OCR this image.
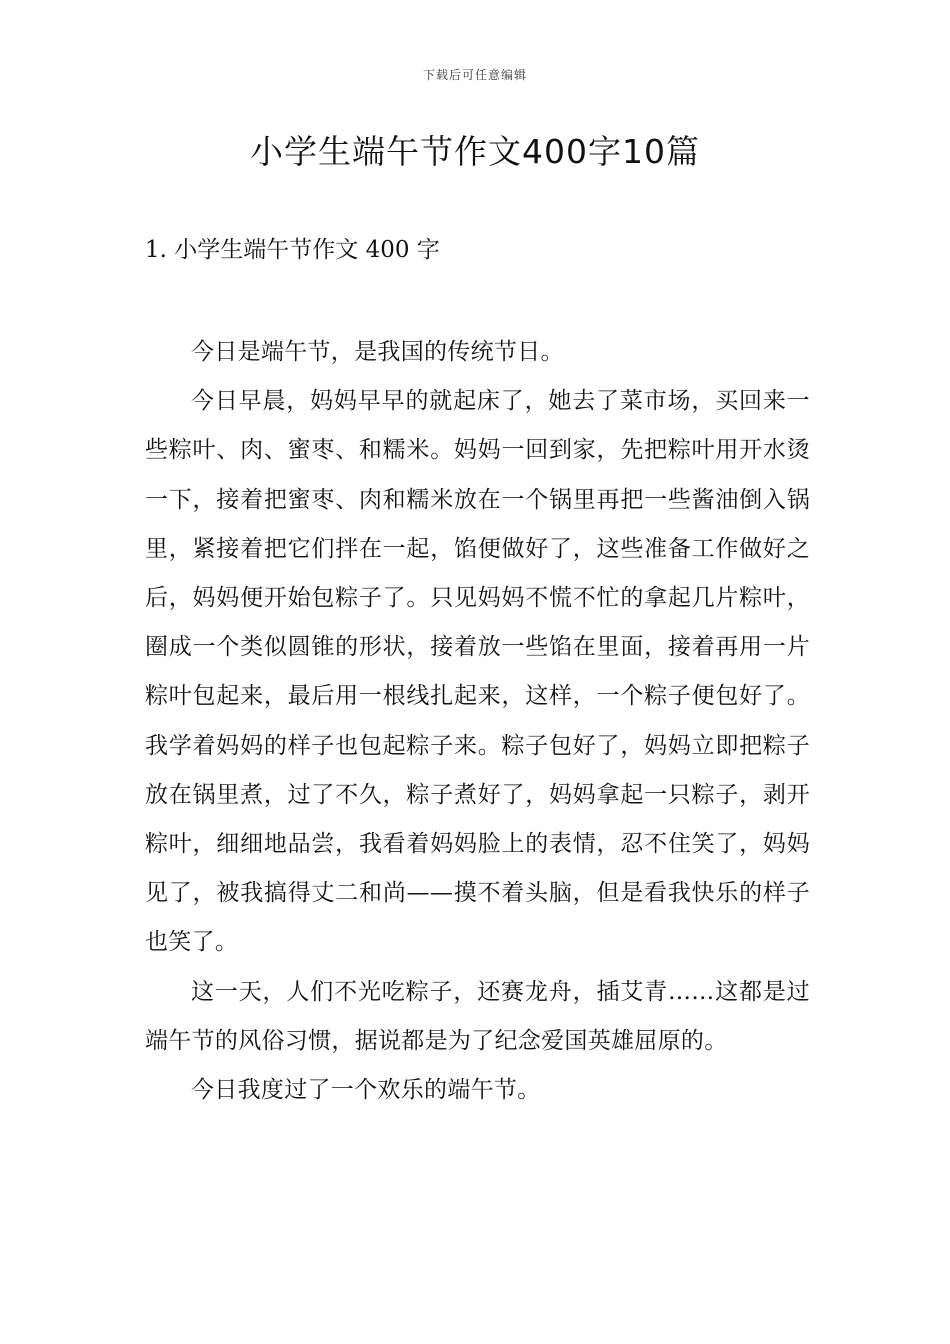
下载后可任意编辑
小学生端午节作文400字10篇
1. 小学生端午节作文 400 字

今日是端午节，是我国的传统节日。

今日早晨，妈妈早早的就起床了，她去了菜市场，买回来一些粽叶、肉、蜜枣、和糯米。妈妈一回到家，先把粽叶用开水烫一下，接着把蜜枣、肉和糯米放在一个锅里再把一些酱油倒入锅里，紧接着把它们拌在一起，馅便做好了，这些准备工作做好之后，妈妈便开始包粽子了。只见妈妈不慌不忙的拿起几片粽叶，圈成一个类似圆锥的形状，接着放一些馅在里面，接着再用一片粽叶包起来，最后用一根线扎起来，这样，一个粽子便包好了。我学着妈妈的样子也包起粽子来。粽子包好了，妈妈立即把粽子放在锅里煮，过了不久，粽子煮好了，妈妈拿起一只粽子，剥开粽叶，细细地品尝，我看着妈妈脸上的表情，忍不住笑了，妈妈见了，被我搞得丈二和尚——摸不着头脑，但是看我快乐的样子也笑了。

这一天，人们不光吃粽子，还赛龙舟，插艾青……这都是过端午节的风俗习惯，据说都是为了纪念爱国英雄屈原的。

今日我度过了一个欢乐的端午节。
